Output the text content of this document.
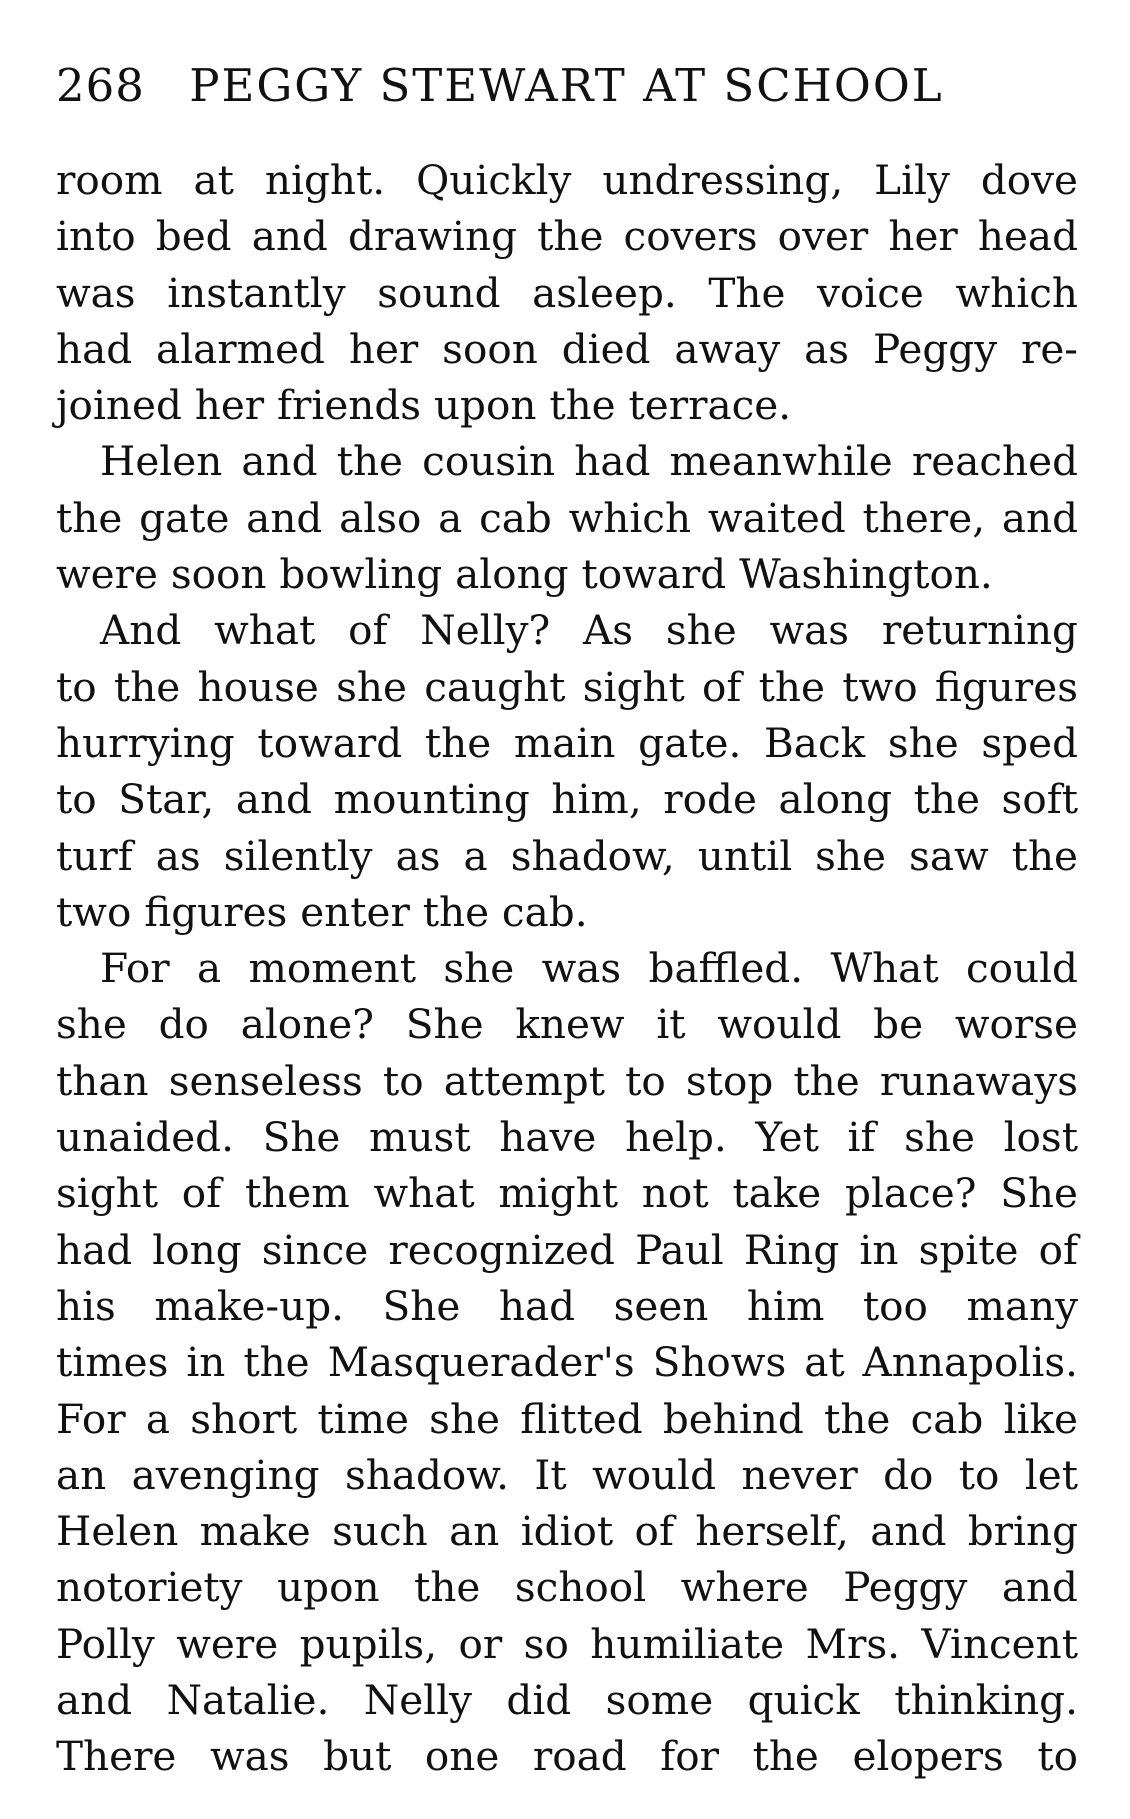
268 PEGGY STEWART AT SCHOOL
room at night. Quickly undressing, Lily dove
into bed and drawing the covers over her head
was instantly sound asleep. The voice which
had alarmed her soon died away as Peggy re-
joined her friends upon the terrace.
Helen and the cousin had meanwhile reached
the gate and also a cab which waited there, and
were soon bowling along toward Washington.
And what of Nelly? As she was returning
to the house she caught sight of the two figures
hurrying toward the main gate. Back she sped
to Star, and mounting him, rode along the soft
turf as silently as a shadow, until she saw the
two figures enter the cab.
For a moment she was baffled. What could
she do alone? She knew it would be worse
than senseless to attempt to stop the runaways
unaided. She must have help. Yet if she lost
sight of them what might not take place? She
had long since recognized Paul Ring in spite of
his make-up. She had seen him too many
times in the Masquerader's Shows at Annapolis.
For a short time she flitted behind the cab like
an avenging shadow. It would never do to let
Helen make such an idiot of herself, and bring
notoriety upon the school where Peggy and
Polly were pupils, or so humiliate Mrs. Vincent
and Natalie. Nelly did some quick thinking.
There was but one road for the elopers to
